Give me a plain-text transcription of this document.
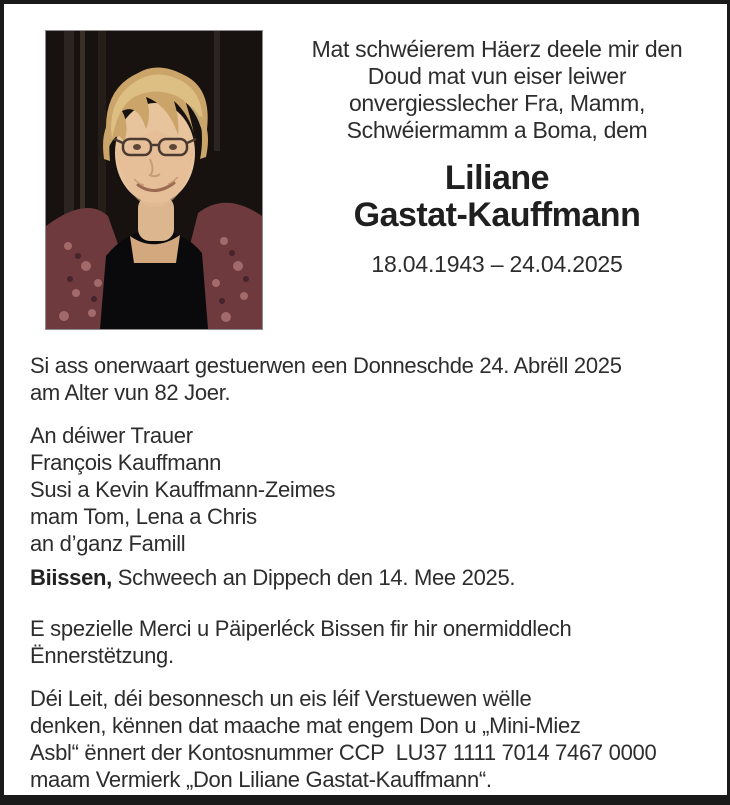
Mat schwéierem Häerz deele mir den
Doud mat vun eiser leiwer
onvergiesslecher Fra, Mamm,
Schwéiermamm a Boma, dem
Liliane
Gastat-Kauffmann
18.04.1943 – 24.04.2025

Si ass onerwaart gestuerwen een Donneschde 24. Abrëll 2025
am Alter vun 82 Joer.

An déiwer Trauer
François Kauffmann
Susi a Kevin Kauffmann-Zeimes
mam Tom, Lena a Chris
an d’ganz Famill

Biissen, Schweech an Dippech den 14. Mee 2025.

E spezielle Merci u Päiperléck Bissen fir hir onermiddlech
Ënnerstëtzung.

Déi Leit, déi besonnesch un eis léif Verstuewen wëlle
denken, kënnen dat maache mat engem Don u „Mini-Miez
Asbl“ ënnert der Kontosnummer CCP  LU37 1111 7014 7467 0000
maam Vermierk „Don Liliane Gastat-Kauffmann“.
